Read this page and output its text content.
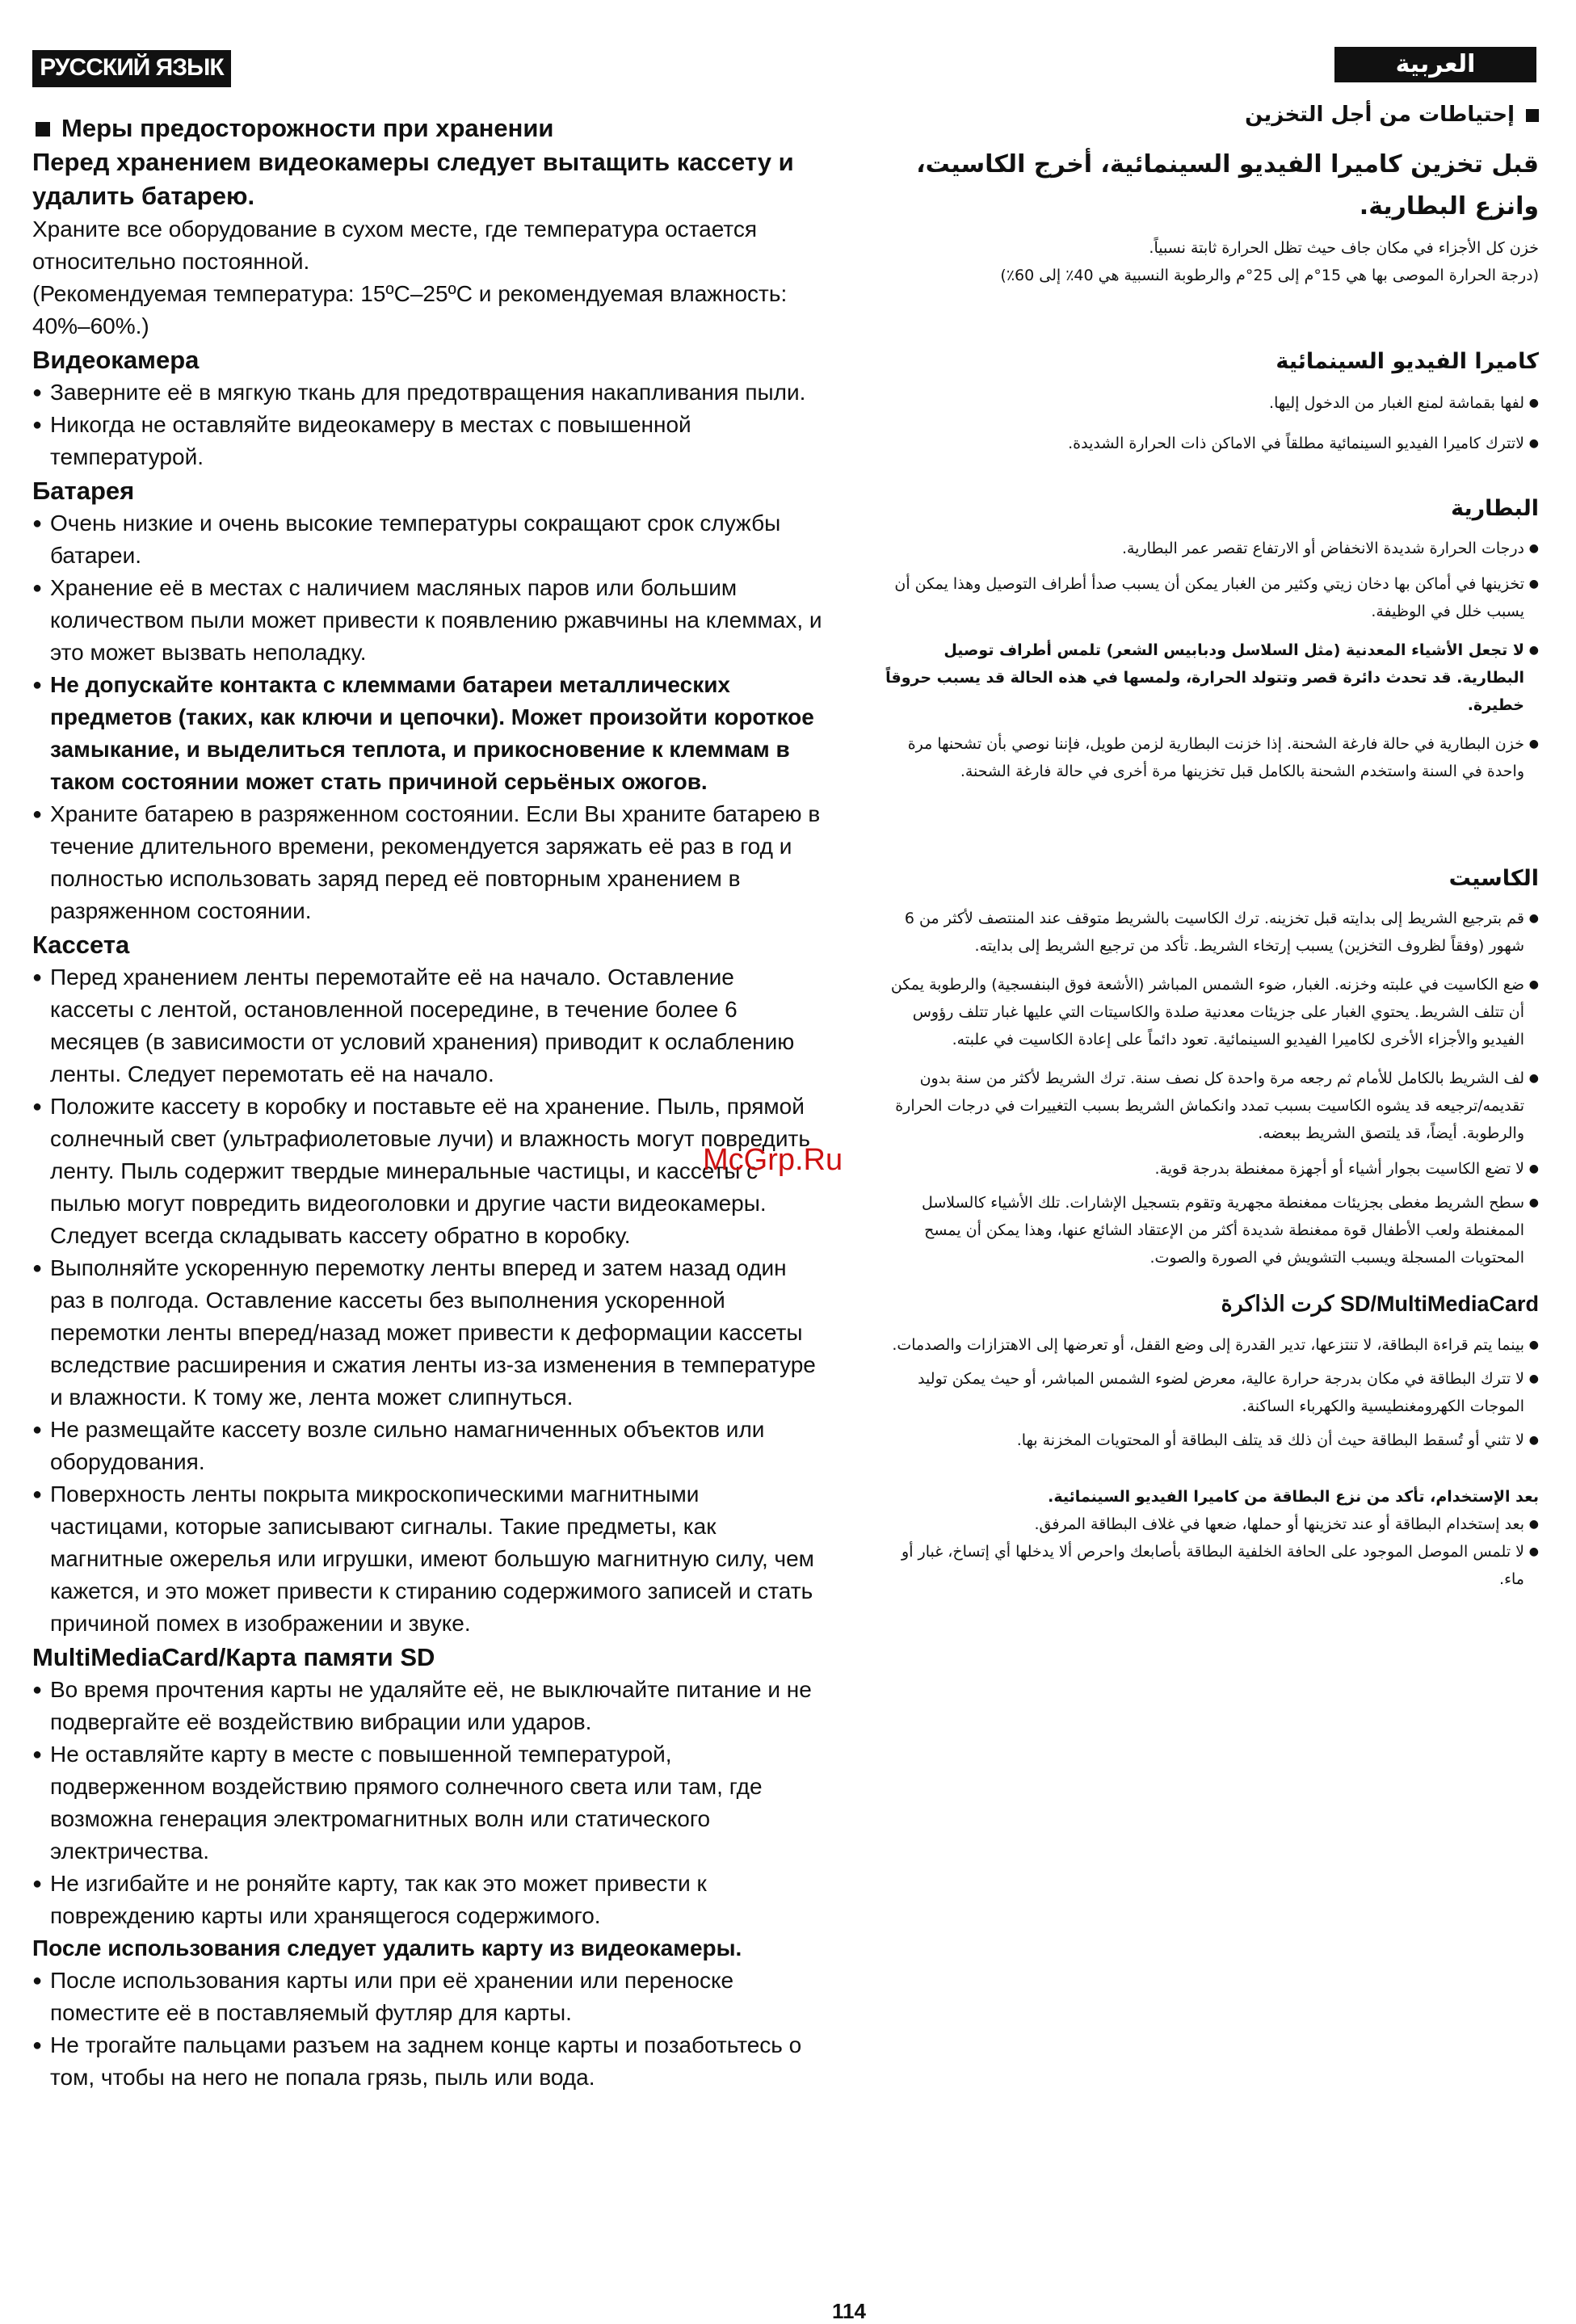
РУССКИЙ ЯЗЫК	العربية

Меры предосторожности при хранении

Перед хранением видеокамеры следует вытащить кассету и удалить батарею.

Храните все оборудование в сухом месте, где температура остается относительно постоянной.

(Рекомендуемая температура: 15ºC–25ºC и рекомендуемая влажность: 40%–60%.)

Видеокамера

● Заверните её в мягкую ткань для предотвращения накапливания пыли.

● Никогда не оставляйте видеокамеру в местах с повышенной температурой.

Батарея

● Очень низкие и очень высокие температуры сокращают срок службы батареи.

● Хранение её в местах с наличием масляных паров или большим количеством пыли может привести к появлению ржавчины на клеммах, и это может вызвать неполадку.

● Не допускайте контакта с клеммами батареи металлических предметов (таких, как ключи и цепочки). Может произойти короткое замыкание, и выделиться теплота, и прикосновение к клеммам в таком состоянии может стать причиной серьёных ожогов.

● Храните батарею в разряженном состоянии. Если Вы храните батарею в течение длительного времени, рекомендуется заряжать её раз в год и полностью использовать заряд перед её повторным хранением в разряженном состоянии.

Кассета

● Перед хранением ленты перемотайте её на начало. Оставление кассеты с лентой, остановленной посередине, в течение более 6 месяцев (в зависимости от условий хранения) приводит к ослаблению ленты. Следует перемотать её на начало.

● Положите кассету в коробку и поставьте её на хранение. Пыль, прямой солнечный свет (ультрафиолетовые лучи) и влажность могут повредить ленту. Пыль содержит твердые минеральные частицы, и кассеты с пылью могут повредить видеоголовки и другие части видеокамеры. Следует всегда складывать кассету обратно в коробку.

● Выполняйте ускоренную перемотку ленты вперед и затем назад один раз в полгода. Оставление кассеты без выполнения ускоренной перемотки ленты вперед/назад может привести к деформации кассеты вследствие расширения и сжатия ленты из-за изменения в температуре и влажности. К тому же, лента может слипнуться.

● Не размещайте кассету возле сильно намагниченных объектов или оборудования.

● Поверхность ленты покрыта микроскопическими магнитными частицами, которые записывают сигналы. Такие предметы, как магнитные ожерелья или игрушки, имеют большую магнитную силу, чем кажется, и это может привести к стиранию содержимого записей и стать причиной помех в изображении и звуке.

MultiMediaCard/Карта памяти SD

● Во время прочтения карты не удаляйте её, не выключайте питание и не подвергайте её воздействию вибрации или ударов.

● Не оставляйте карту в месте с повышенной температурой, подверженном воздействию прямого солнечного света или там, где возможна генерация электромагнитных волн или статического электричества.

● Не изгибайте и не роняйте карту, так как это может привести к повреждению карты или хранящегося содержимого.

После использования следует удалить карту из видеокамеры.

● После использования карты или при её хранении или переноске поместите её в поставляемый футляр для карты.

● Не трогайте пальцами разъем на заднем конце карты и позаботьтесь о том, чтобы на него не попала грязь, пыль или вода.

إحتياطات من أجل التخزين

قبل تخزين كاميرا الفيديو السينمائية، أخرج الكاسيت، وانزع البطارية.

خزن كل الأجزاء في مكان جاف حيث تظل الحرارة ثابتة نسبياً.

(درجة الحرارة الموصى بها هي 15°م إلى 25°م والرطوبة النسبية هي 40٪ إلى 60٪)

كاميرا الفيديو السينمائية

● لفها بقماشة لمنع الغبار من الدخول إليها.

● لاتترك كاميرا الفيديو السينمائية مطلقاً في الاماكن ذات الحرارة الشديدة.

البطارية

● درجات الحرارة شديدة الانخفاض أو الارتفاع تقصر عمر البطارية.

● تخزينها في أماكن بها دخان زيتي وكثير من الغبار يمكن أن يسبب صدأ أطراف التوصيل وهذا يمكن أن يسبب خلل في الوظيفة.

● لا تجعل الأشياء المعدنية (مثل السلاسل ودبابيس الشعر) تلمس أطراف توصيل البطارية. قد تحدث دائرة قصر وتتولد الحرارة، ولمسها في هذه الحالة قد يسبب حروقاً خطيرة.

● خزن البطارية في حالة فارغة الشحنة. إذا خزنت البطارية لزمن طويل، فإننا نوصي بأن تشحنها مرة واحدة في السنة واستخدم الشحنة بالكامل قبل تخزينها مرة أخرى في حالة فارغة الشحنة.

الكاسيت

● قم بترجيع الشريط إلى بدايته قبل تخزينه. ترك الكاسيت بالشريط متوقف عند المنتصف لأكثر من 6 شهور (وفقاً لظروف التخزين) يسبب إرتخاء الشريط. تأكد من ترجيع الشريط إلى بدايته.

● ضع الكاسيت في علبته وخزنه. الغبار، ضوء الشمس المباشر (الأشعة فوق البنفسجية) والرطوبة يمكن أن تتلف الشريط. يحتوي الغبار على جزيئات معدنية صلدة والكاسيتات التي عليها غبار تتلف رؤوس الفيديو والأجزاء الأخرى لكاميرا الفيديو السينمائية. تعود دائماً على إعادة الكاسيت في علبته.

● لف الشريط بالكامل للأمام ثم رجعه مرة واحدة كل نصف سنة. ترك الشريط لأكثر من سنة بدون تقديمه/ترجيعه قد يشوه الكاسيت بسبب تمدد وانكماش الشريط بسبب التغييرات في درجات الحرارة والرطوبة. أيضاً، قد يلتصق الشريط ببعضه.

● لا تضع الكاسيت بجوار أشياء أو أجهزة ممغنطة بدرجة قوية.

● سطح الشريط مغطى بجزيئات ممغنطة مجهرية وتقوم بتسجيل الإشارات. تلك الأشياء كالسلاسل الممغنطة ولعب الأطفال قوة ممغنطة شديدة أكثر من الإعتقاد الشائع عنها، وهذا يمكن أن يمسح المحتويات المسجلة ويسبب التشويش في الصورة والصوت.

كرت الذاكرة SD/MultiMediaCard

● بينما يتم قراءة البطاقة، لا تنتزعها، تدير القدرة إلى وضع القفل، أو تعرضها إلى الاهتزازات والصدمات.

● لا تترك البطاقة في مكان بدرجة حرارة عالية، معرض لضوء الشمس المباشر، أو حيث يمكن توليد الموجات الكهرومغنطيسية والكهرباء الساكنة.

● لا تثني أو تُسقط البطاقة حيث أن ذلك قد يتلف البطاقة أو المحتويات المخزنة بها.

بعد الإستخدام، تأكد من نزع البطاقة من كاميرا الفيديو السينمائية.

● بعد إستخدام البطاقة أو عند تخزينها أو حملها، ضعها في غلاف البطاقة المرفق.

● لا تلمس الموصل الموجود على الحافة الخلفية البطاقة بأصابعك واحرص ألا يدخلها أي إتساخ، غبار أو ماء.

McGrp.Ru
114
